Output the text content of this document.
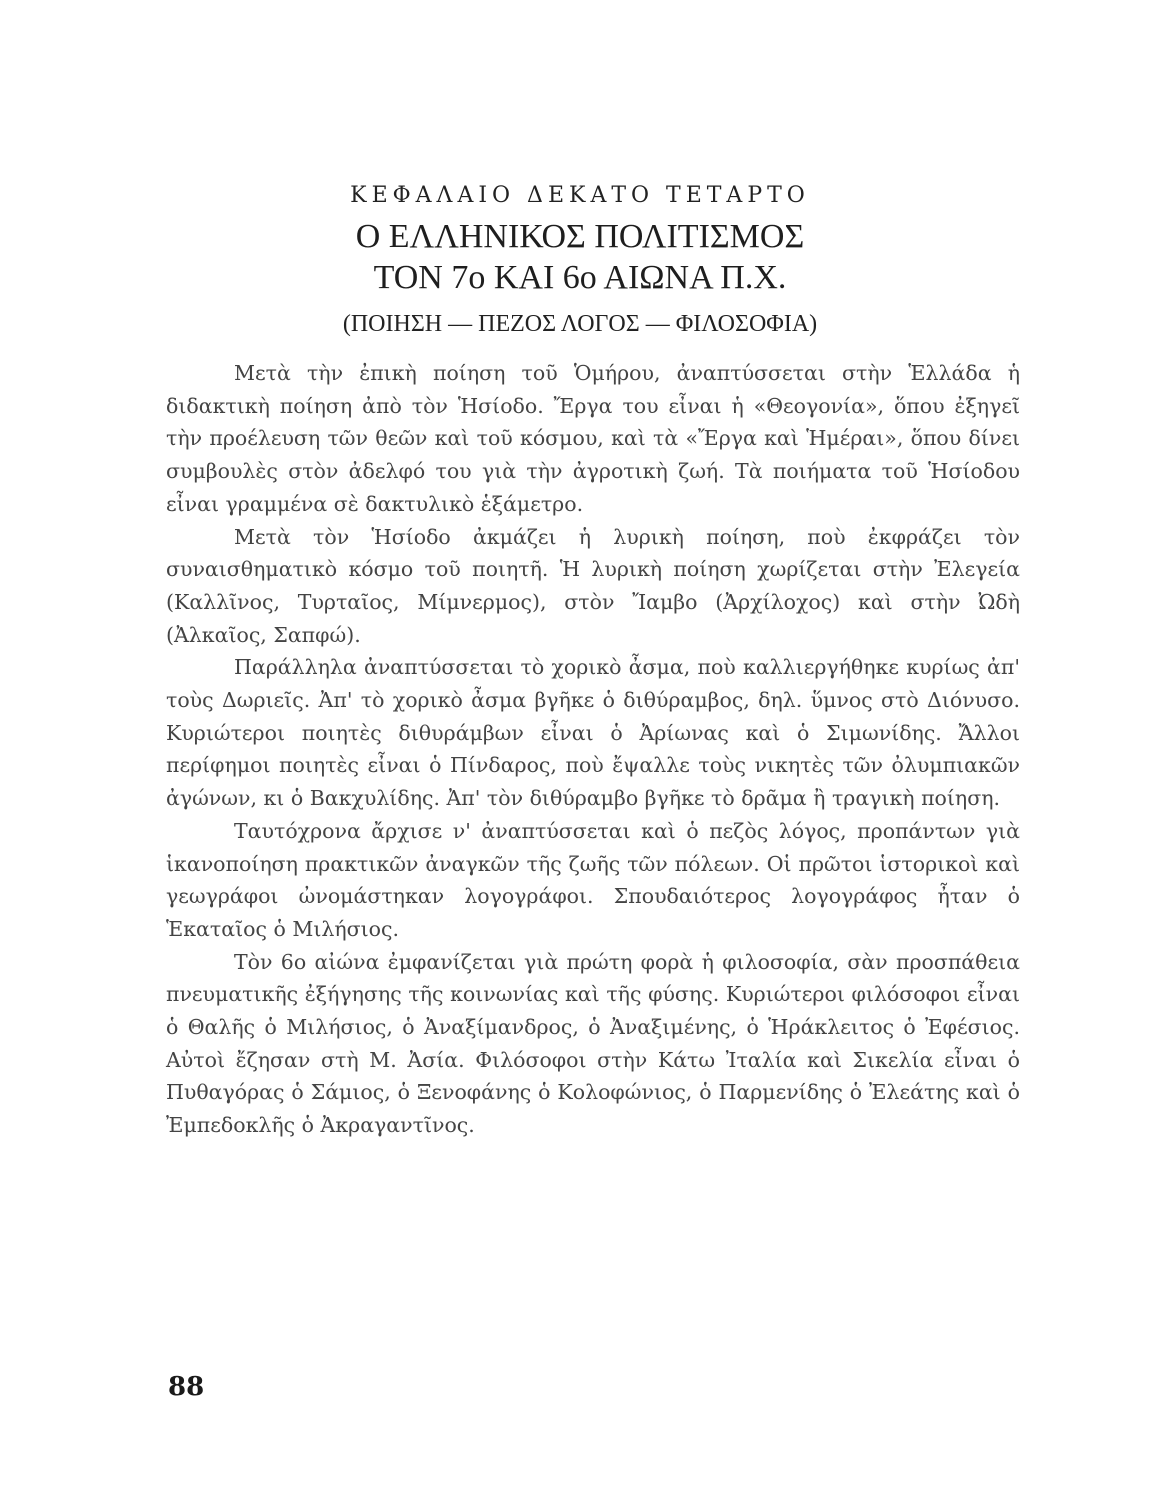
ΚΕΦΑΛΑΙΟ ΔΕΚΑΤΟ ΤΕΤΑΡΤΟ

Ο ΕΛΛΗΝΙΚΟΣ ΠΟΛΙΤΙΣΜΟΣ

ΤΟΝ 7ο ΚΑΙ 6ο ΑΙΩΝΑ Π.Χ.

(ΠΟΙΗΣΗ — ΠΕΖΟΣ ΛΟΓΟΣ — ΦΙΛΟΣΟΦΙΑ)

Μετὰ τὴν ἐπικὴ ποίηση τοῦ Ὁμήρου, ἀναπτύσσεται στὴν Ἑλλάδα ἡ διδακτικὴ ποίηση ἀπὸ τὸν Ἡσίοδο. Ἔργα του εἶναι ἡ «Θεογονία», ὅπου ἐξηγεῖ τὴν προέλευση τῶν θεῶν καὶ τοῦ κόσμου, καὶ τὰ «Ἔργα καὶ Ἡμέραι», ὅπου δίνει συμβουλὲς στὸν ἀδελφό του γιὰ τὴν ἀγροτικὴ ζωή. Τὰ ποιήματα τοῦ Ἡσίοδου εἶναι γραμμένα σὲ δακτυλικὸ ἑξάμετρο.

Μετὰ τὸν Ἡσίοδο ἀκμάζει ἡ λυρικὴ ποίηση, ποὺ ἐκφράζει τὸν συναισθηματικὸ κόσμο τοῦ ποιητῆ. Ἡ λυρικὴ ποίηση χωρίζεται στὴν Ἐλεγεία (Καλλῖνος, Τυρταῖος, Μίμνερμος), στὸν Ἴαμβο (Ἀρχίλοχος) καὶ στὴν Ὠδὴ (Ἀλκαῖος, Σαπφώ).

Παράλληλα ἀναπτύσσεται τὸ χορικὸ ἆσμα, ποὺ καλλιεργήθηκε κυρίως ἀπ' τοὺς Δωριεῖς. Ἀπ' τὸ χορικὸ ἆσμα βγῆκε ὁ διθύραμβος, δηλ. ὕμνος στὸ Διόνυσο. Κυριώτεροι ποιητὲς διθυράμβων εἶναι ὁ Ἀρίωνας καὶ ὁ Σιμωνίδης. Ἄλλοι περίφημοι ποιητὲς εἶναι ὁ Πίνδαρος, ποὺ ἔψαλλε τοὺς νικητὲς τῶν ὀλυμπιακῶν ἀγώνων, κι ὁ Βακχυλίδης. Ἀπ' τὸν διθύραμβο βγῆκε τὸ δρᾶμα ἢ τραγικὴ ποίηση.

Ταυτόχρονα ἄρχισε ν' ἀναπτύσσεται καὶ ὁ πεζὸς λόγος, προπάντων γιὰ ἱκανοποίηση πρακτικῶν ἀναγκῶν τῆς ζωῆς τῶν πόλεων. Οἱ πρῶτοι ἱστορικοὶ καὶ γεωγράφοι ὠνομάστηκαν λογογράφοι. Σπουδαιότερος λογογράφος ἦταν ὁ Ἑκαταῖος ὁ Μιλήσιος.

Τὸν 6ο αἰώνα ἐμφανίζεται γιὰ πρώτη φορὰ ἡ φιλοσοφία, σὰν προσπάθεια πνευματικῆς ἐξήγησης τῆς κοινωνίας καὶ τῆς φύσης. Κυριώτεροι φιλόσοφοι εἶναι ὁ Θαλῆς ὁ Μιλήσιος, ὁ Ἀναξίμανδρος, ὁ Ἀναξιμένης, ὁ Ἡράκλειτος ὁ Ἐφέσιος. Αὐτοὶ ἔζησαν στὴ Μ. Ἀσία. Φιλόσοφοι στὴν Κάτω Ἰταλία καὶ Σικελία εἶναι ὁ Πυθαγόρας ὁ Σάμιος, ὁ Ξενοφάνης ὁ Κολοφώνιος, ὁ Παρμενίδης ὁ Ἐλεάτης καὶ ὁ Ἐμπεδοκλῆς ὁ Ἀκραγαντῖνος.

88
